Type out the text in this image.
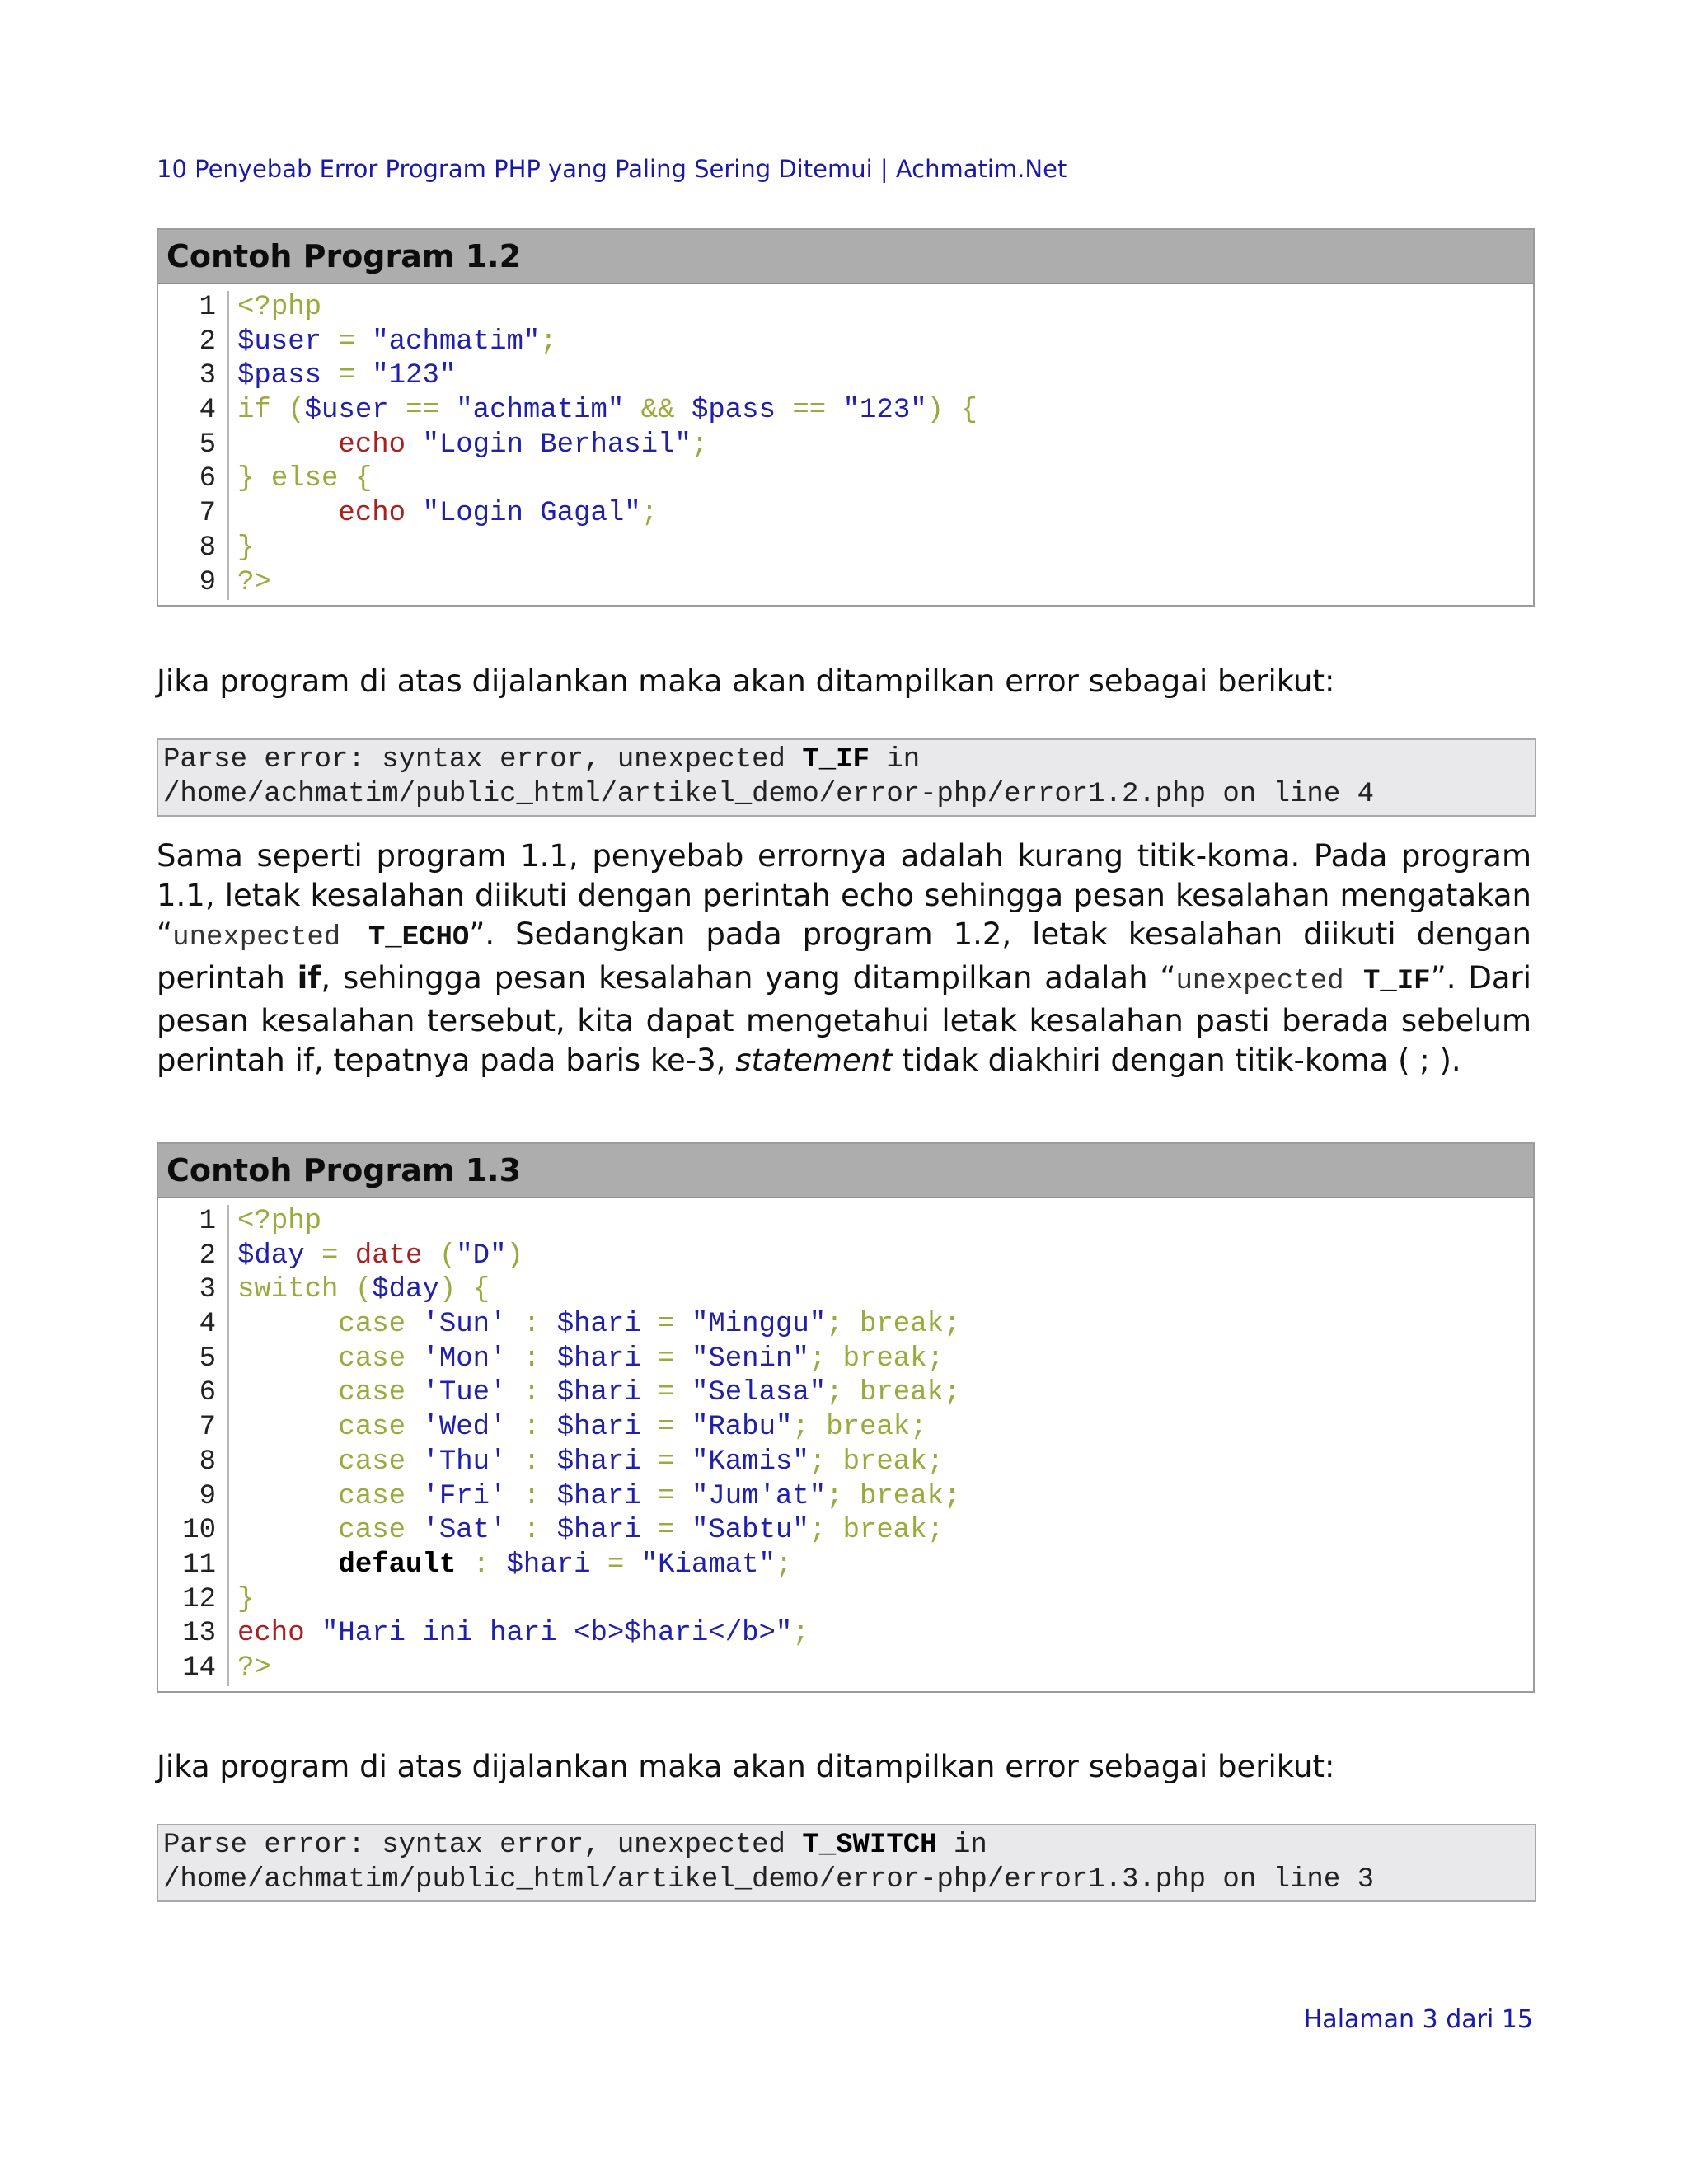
10 Penyebab Error Program PHP yang Paling Sering Ditemui | Achmatim.Net
Contoh Program 1.2
1
2
3
4
5
6
7
8
9
<?php
$user = "achmatim";
$pass = "123"
if ($user == "achmatim" && $pass == "123") {
echo "Login Berhasil";
} else {
echo "Login Gagal";
}
?>
Jika program di atas dijalankan maka akan ditampilkan error sebagai berikut:
Parse error: syntax error, unexpected T_IF in
/home/achmatim/public_html/artikel_demo/error-php/error1.2.php on line 4
Sama seperti program 1.1, penyebab errornya adalah kurang titik-koma. Pada program 1.1, letak kesalahan diikuti dengan perintah echo sehingga pesan kesalahan mengatakan “unexpected T_ECHO”. Sedangkan pada program 1.2, letak kesalahan diikuti dengan perintah if, sehingga pesan kesalahan yang ditampilkan adalah “unexpected T_IF”. Dari pesan kesalahan tersebut, kita dapat mengetahui letak kesalahan pasti berada sebelum perintah if, tepatnya pada baris ke-3, statement tidak diakhiri dengan titik-koma ( ; ).
Contoh Program 1.3
1
2
3
4
5
6
7
8
9
10
11
12
13
14
<?php
$day = date ("D")
switch ($day) {
case 'Sun' : $hari = "Minggu"; break;
case 'Mon' : $hari = "Senin"; break;
case 'Tue' : $hari = "Selasa"; break;
case 'Wed' : $hari = "Rabu"; break;
case 'Thu' : $hari = "Kamis"; break;
case 'Fri' : $hari = "Jum'at"; break;
case 'Sat' : $hari = "Sabtu"; break;
default : $hari = "Kiamat";
}
echo "Hari ini hari <b>$hari</b>";
?>
Jika program di atas dijalankan maka akan ditampilkan error sebagai berikut:
Parse error: syntax error, unexpected T_SWITCH in
/home/achmatim/public_html/artikel_demo/error-php/error1.3.php on line 3
Halaman 3 dari 15
